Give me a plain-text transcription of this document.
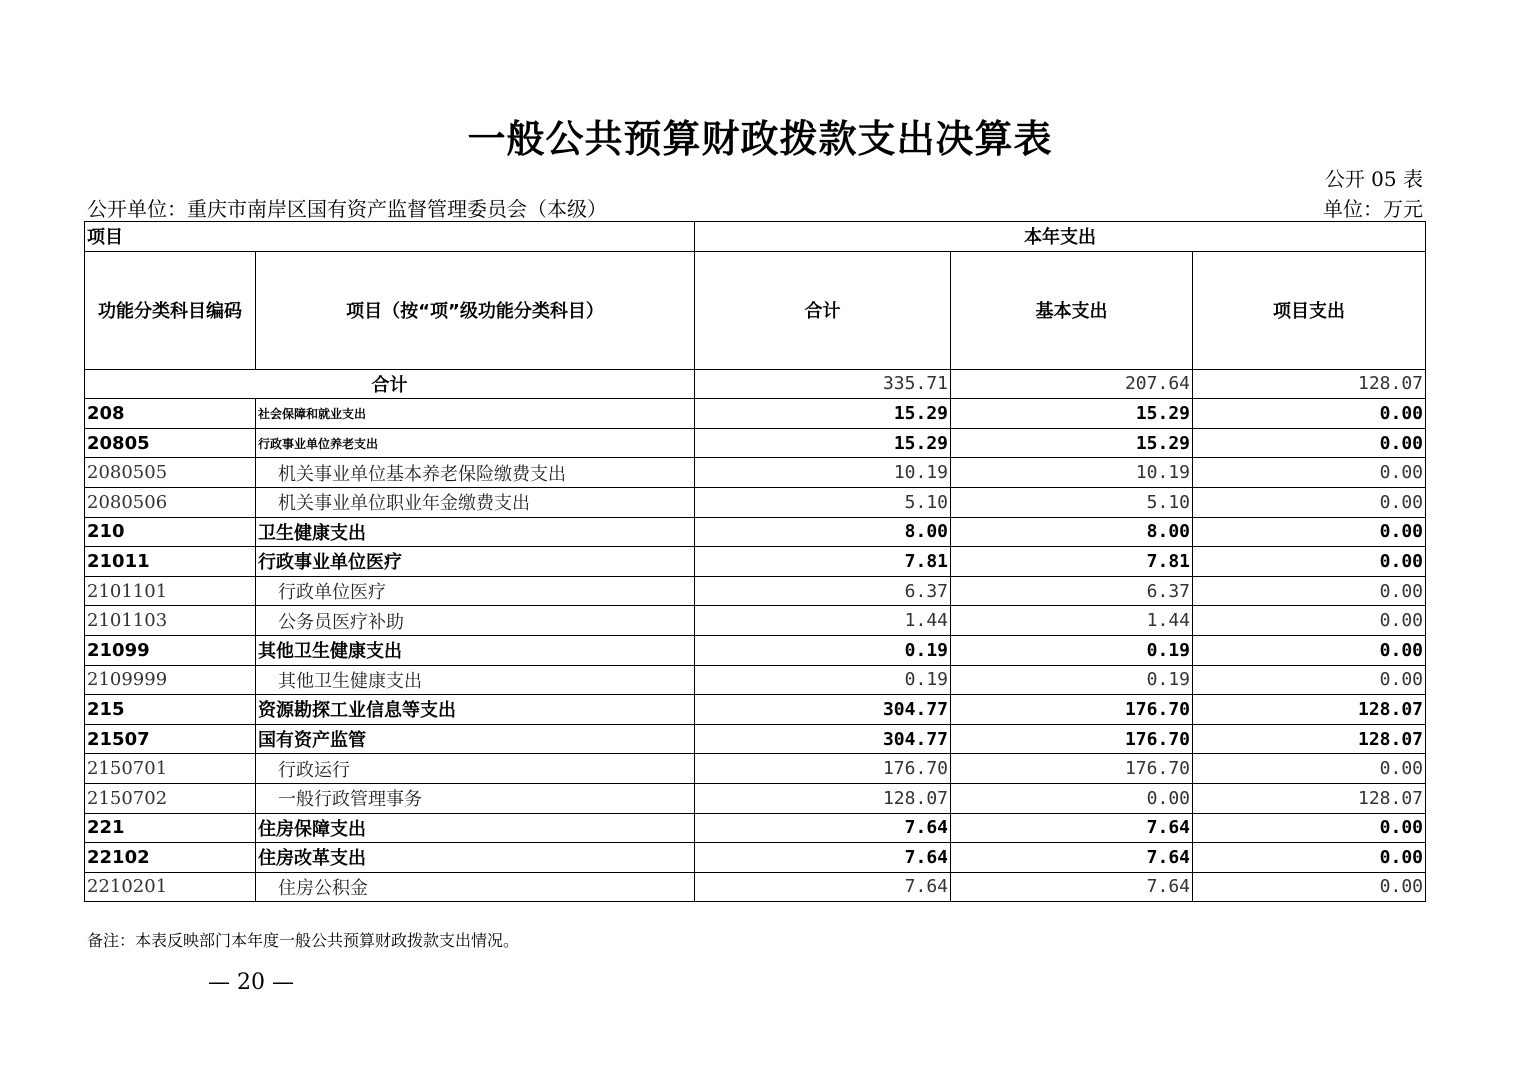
一般公共预算财政拨款支出决算表
公开 05 表
公开单位：重庆市南岸区国有资产监督管理委员会（本级）	单位：万元
项目		本年支出		
功能分类科目编码	项目（按“项”级功能分类科目）	合计	基本支出	项目支出
合计		335.71	207.64	128.07
208	社会保障和就业支出	15.29	15.29	0.00
20805	行政事业单位养老支出	15.29	15.29	0.00
2080505	机关事业单位基本养老保险缴费支出	10.19	10.19	0.00
2080506	机关事业单位职业年金缴费支出	5.10	5.10	0.00
210	卫生健康支出	8.00	8.00	0.00
21011	行政事业单位医疗	7.81	7.81	0.00
2101101	行政单位医疗	6.37	6.37	0.00
2101103	公务员医疗补助	1.44	1.44	0.00
21099	其他卫生健康支出	0.19	0.19	0.00
2109999	其他卫生健康支出	0.19	0.19	0.00
215	资源勘探工业信息等支出	304.77	176.70	128.07
21507	国有资产监管	304.77	176.70	128.07
2150701	行政运行	176.70	176.70	0.00
2150702	一般行政管理事务	128.07	0.00	128.07
221	住房保障支出	7.64	7.64	0.00
22102	住房改革支出	7.64	7.64	0.00
2210201	住房公积金	7.64	7.64	0.00
备注：本表反映部门本年度一般公共预算财政拨款支出情况。
— 20 —
